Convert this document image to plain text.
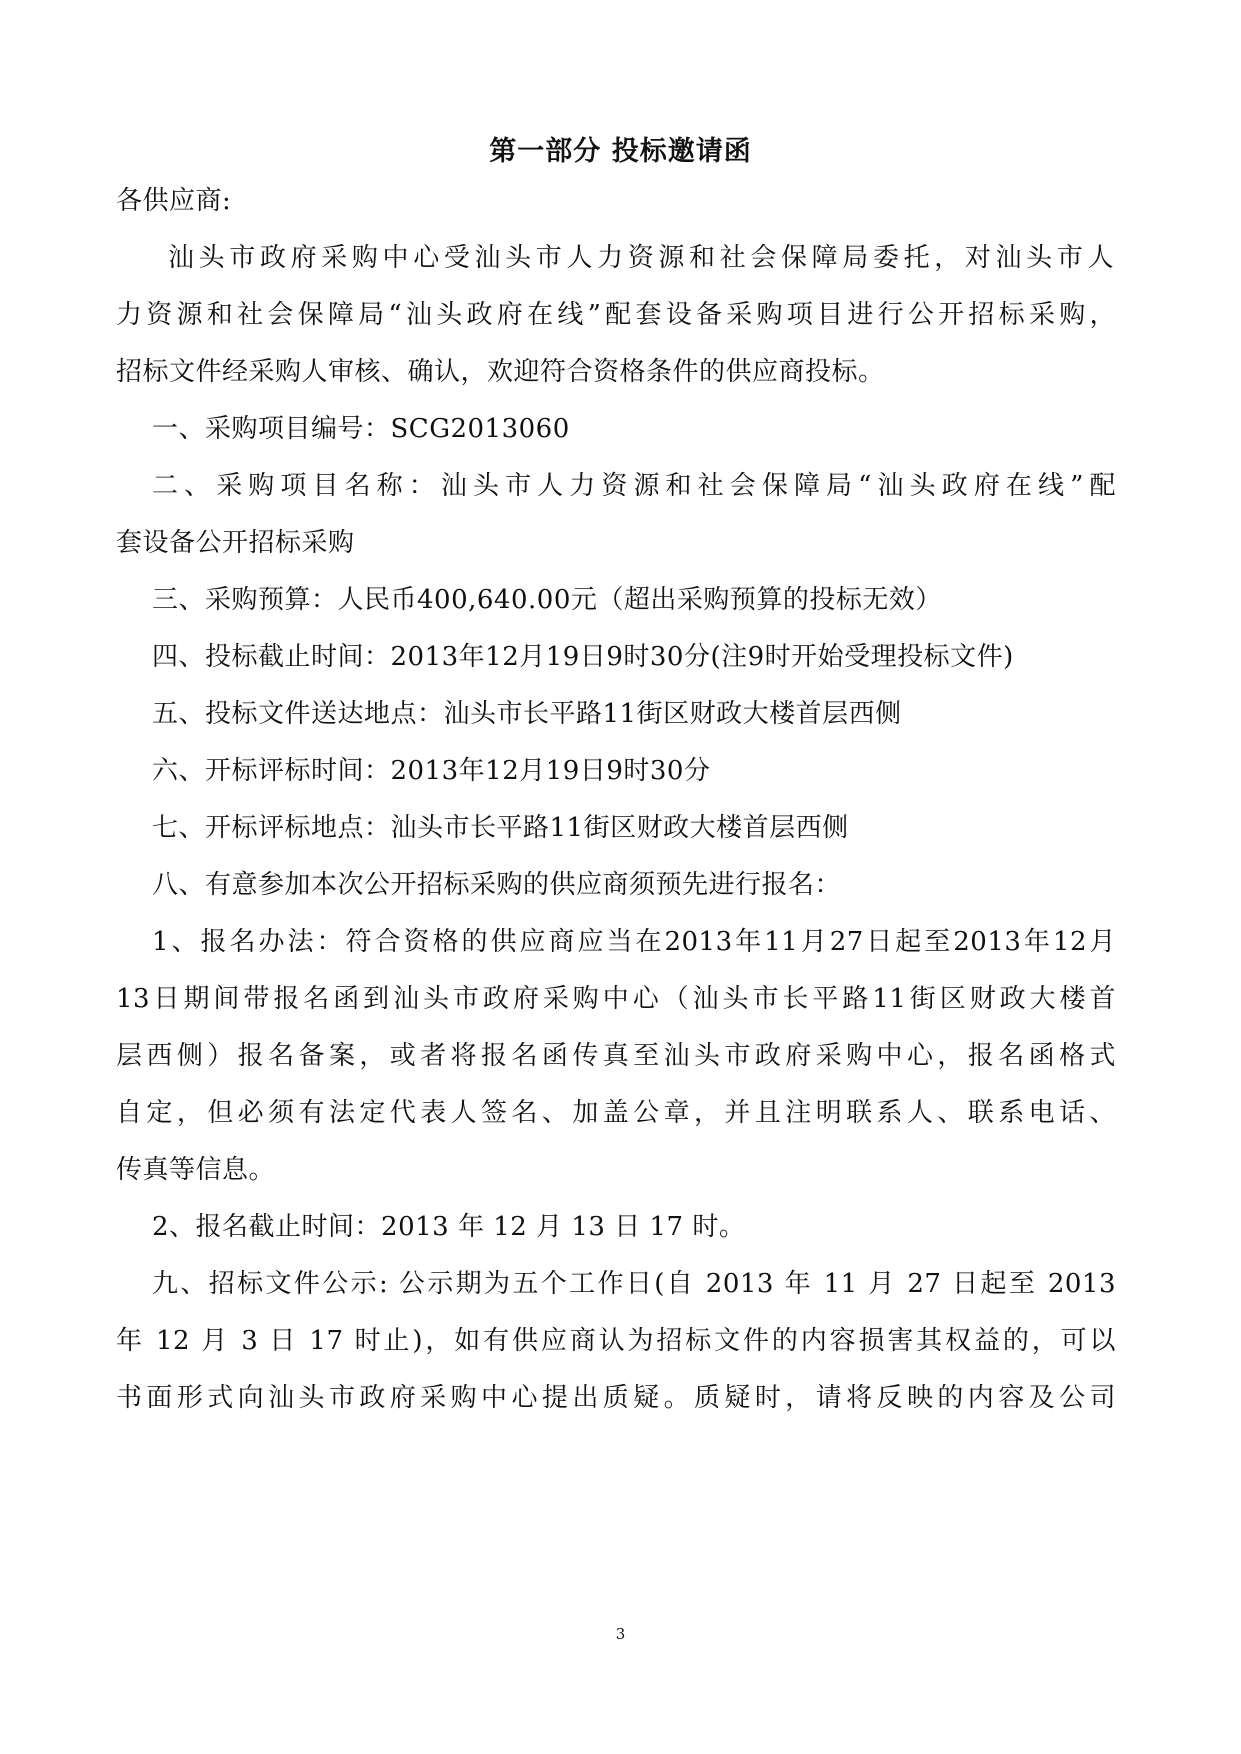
第一部分 投标邀请函
各供应商:
汕头市政府采购中心受汕头市人力资源和社会保障局委托，对汕头市人
力资源和社会保障局“汕头政府在线”配套设备采购项目进行公开招标采购，
招标文件经采购人审核、确认，欢迎符合资格条件的供应商投标。
一、采购项目编号：SCG2013060
二、采购项目名称：汕头市人力资源和社会保障局“汕头政府在线”配
套设备公开招标采购
三、采购预算：人民币400,640.00元（超出采购预算的投标无效）
四、投标截止时间：2013年12月19日9时30分(注9时开始受理投标文件)
五、投标文件送达地点：汕头市长平路11街区财政大楼首层西侧
六、开标评标时间：2013年12月19日9时30分
七、开标评标地点：汕头市长平路11街区财政大楼首层西侧
八、有意参加本次公开招标采购的供应商须预先进行报名：
1、报名办法：符合资格的供应商应当在2013年11月27日起至2013年12月
13日期间带报名函到汕头市政府采购中心（汕头市长平路11街区财政大楼首
层西侧）报名备案，或者将报名函传真至汕头市政府采购中心，报名函格式
自定，但必须有法定代表人签名、加盖公章，并且注明联系人、联系电话、
传真等信息。
2、报名截止时间：2013 年 12 月 13 日 17 时。
九、招标文件公示: 公示期为五个工作日(自 2013 年 11 月 27 日起至 2013
年 12 月 3 日 17 时止)，如有供应商认为招标文件的内容损害其权益的，可以
书面形式向汕头市政府采购中心提出质疑。质疑时，请将反映的内容及公司
3
